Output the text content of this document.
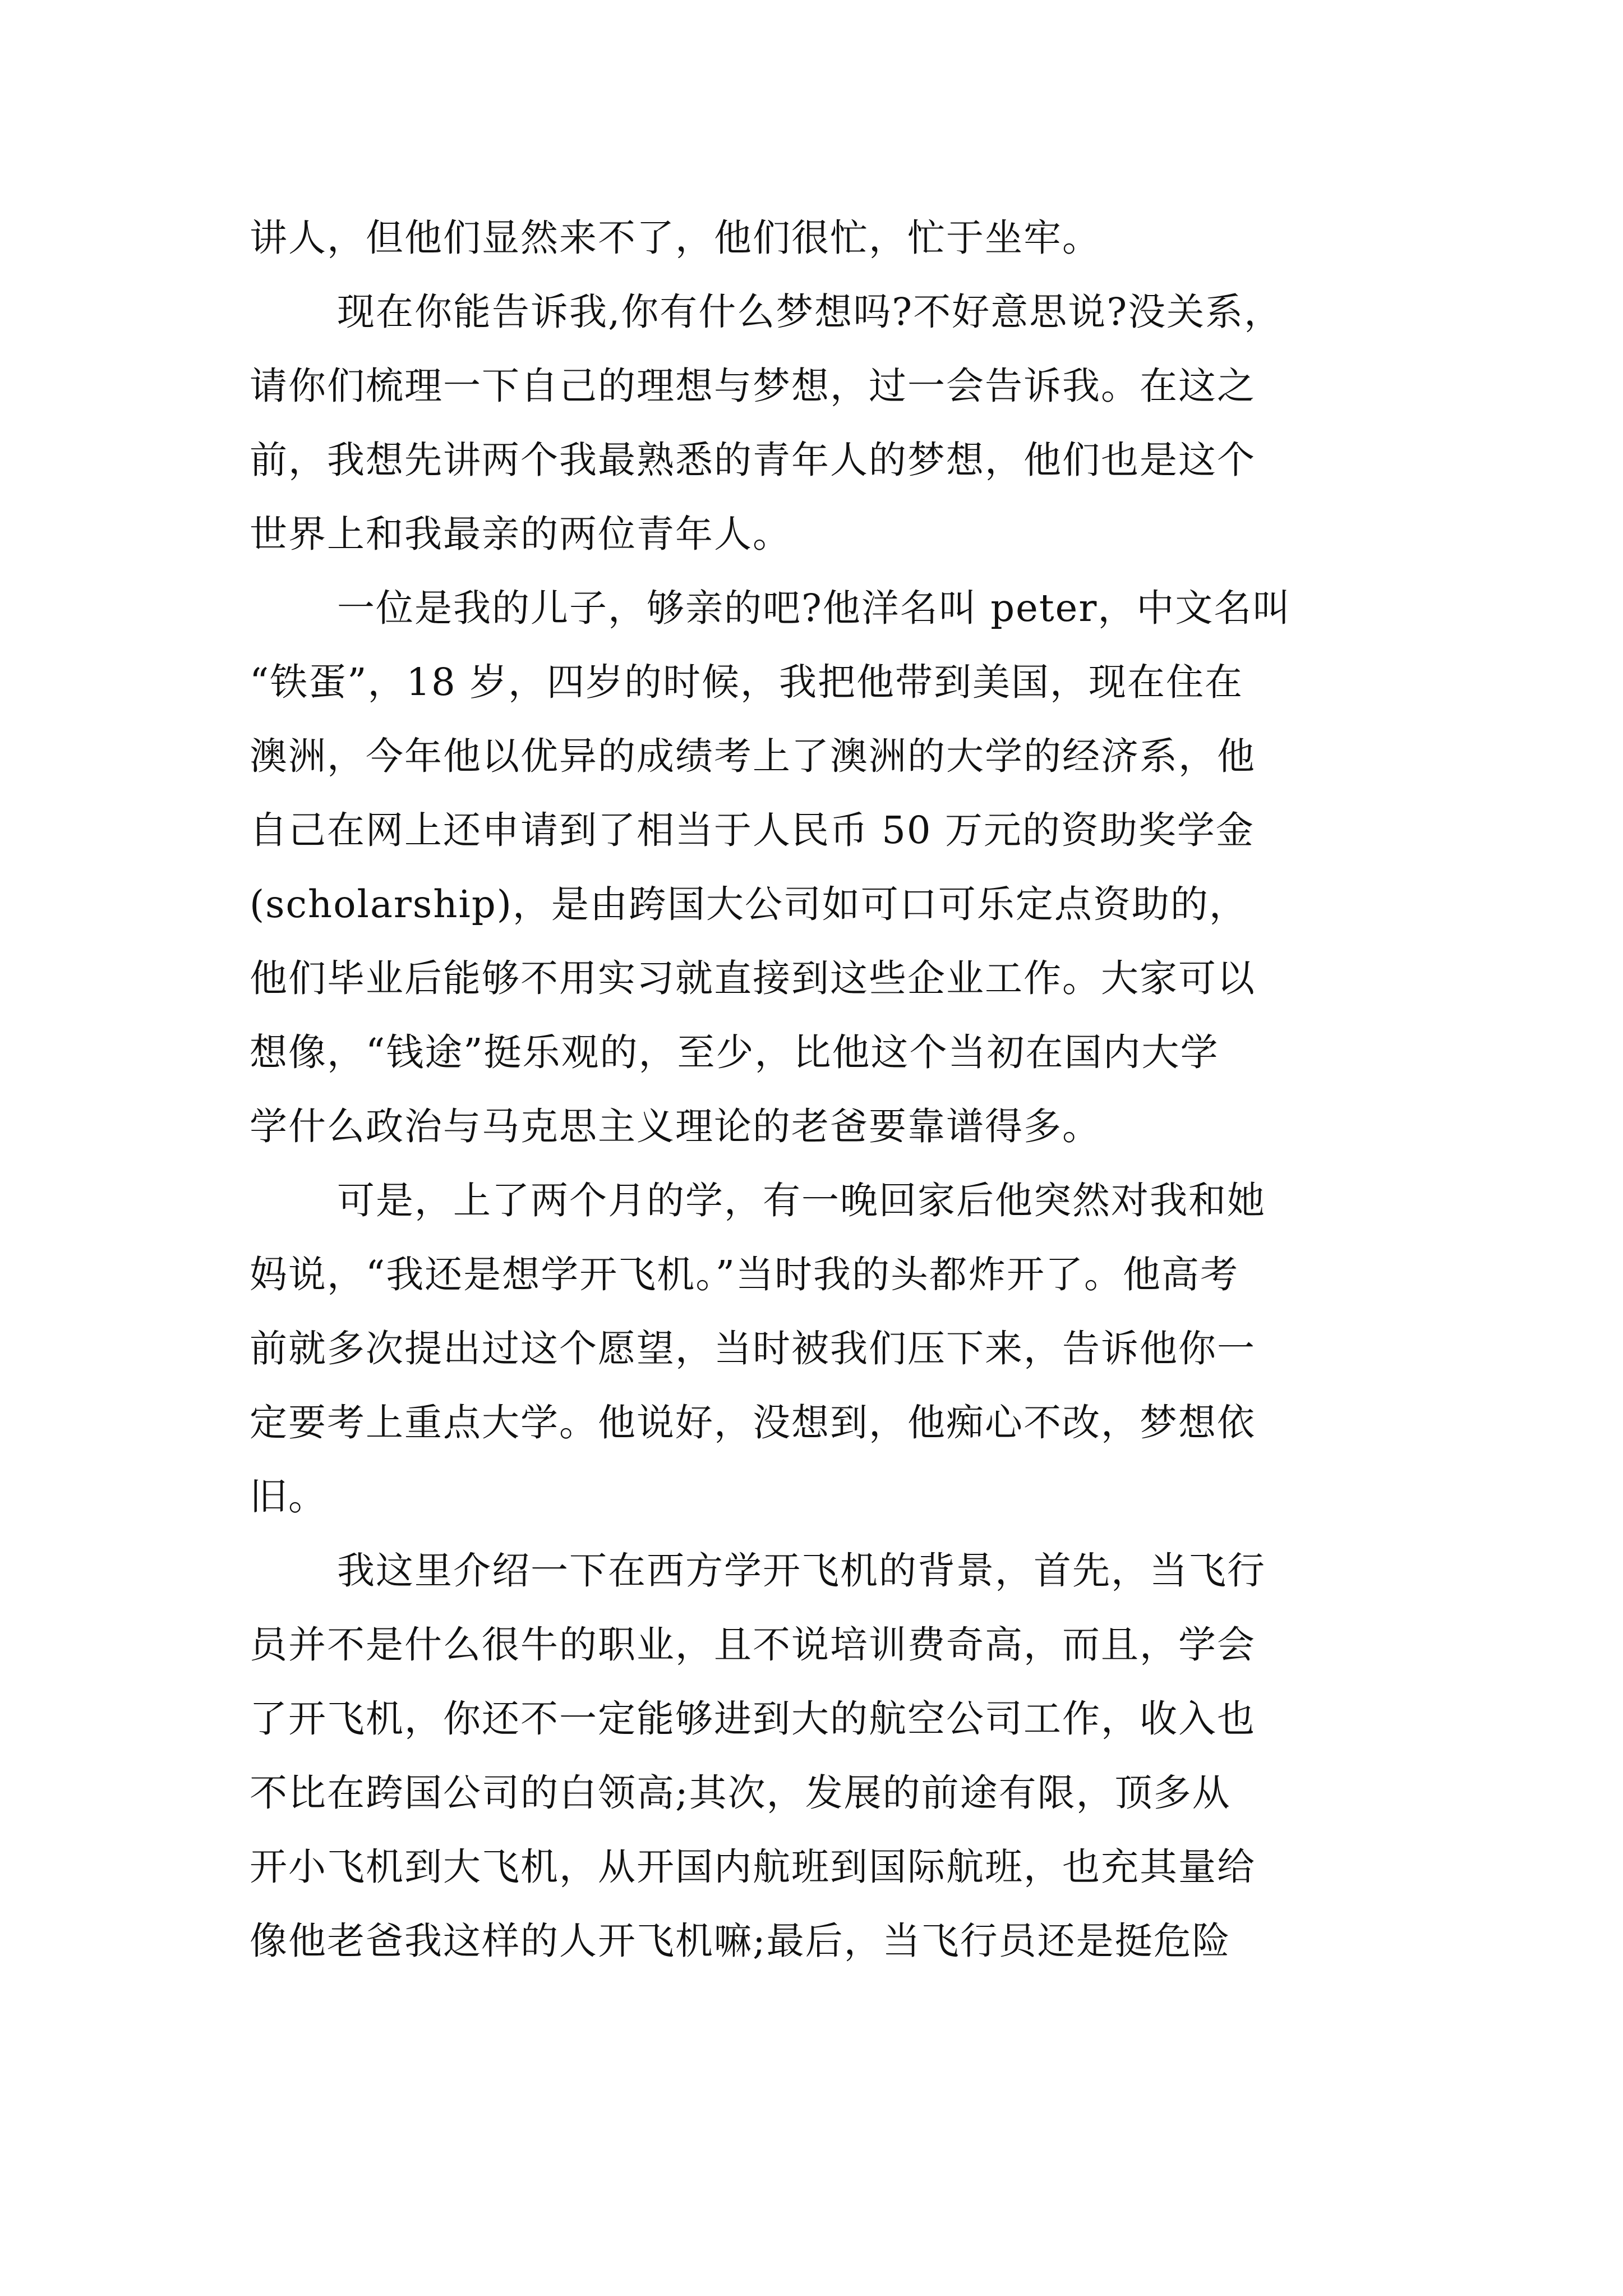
讲人，但他们显然来不了，他们很忙，忙于坐牢。
现在你能告诉我,你有什么梦想吗?不好意思说?没关系，
请你们梳理一下自己的理想与梦想，过一会告诉我。在这之
前，我想先讲两个我最熟悉的青年人的梦想，他们也是这个
世界上和我最亲的两位青年人。
一位是我的儿子，够亲的吧?他洋名叫 peter，中文名叫
“铁蛋”，18 岁，四岁的时候，我把他带到美国，现在住在
澳洲，今年他以优异的成绩考上了澳洲的大学的经济系，他
自己在网上还申请到了相当于人民币 50 万元的资助奖学金
(scholarship)，是由跨国大公司如可口可乐定点资助的，
他们毕业后能够不用实习就直接到这些企业工作。大家可以
想像，“钱途”挺乐观的，至少，比他这个当初在国内大学
学什么政治与马克思主义理论的老爸要靠谱得多。
可是，上了两个月的学，有一晚回家后他突然对我和她
妈说，“我还是想学开飞机。”当时我的头都炸开了。他高考
前就多次提出过这个愿望，当时被我们压下来，告诉他你一
定要考上重点大学。他说好，没想到，他痴心不改，梦想依
旧。
我这里介绍一下在西方学开飞机的背景，首先，当飞行
员并不是什么很牛的职业，且不说培训费奇高，而且，学会
了开飞机，你还不一定能够进到大的航空公司工作，收入也
不比在跨国公司的白领高;其次，发展的前途有限，顶多从
开小飞机到大飞机，从开国内航班到国际航班，也充其量给
像他老爸我这样的人开飞机嘛;最后，当飞行员还是挺危险
